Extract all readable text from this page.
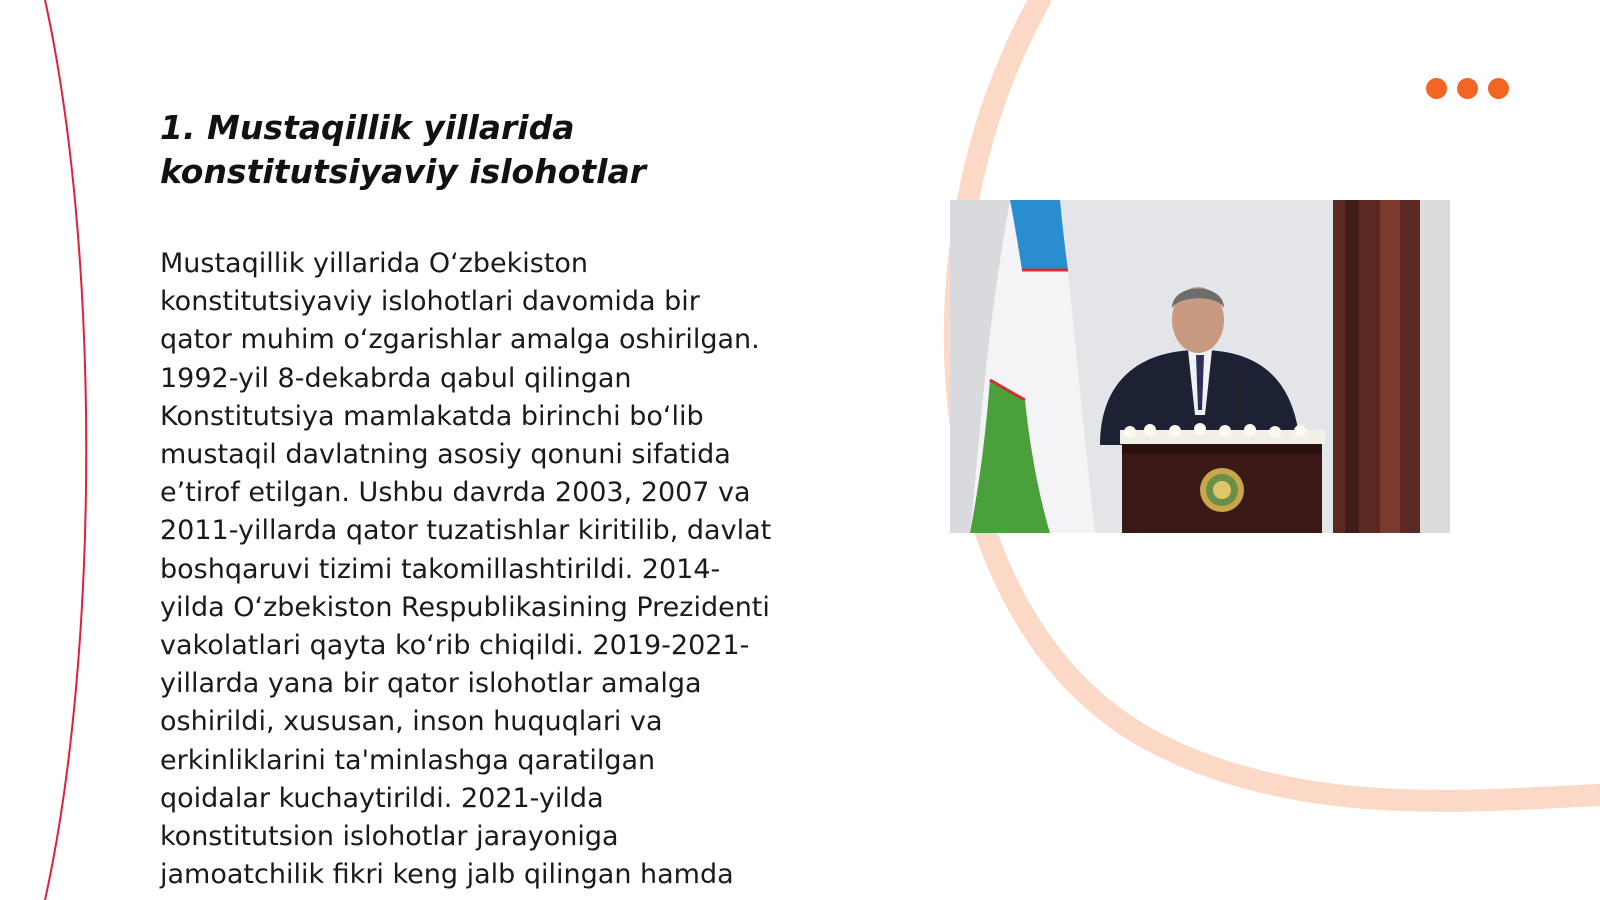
1. Mustaqillik yillarida
konstitutsiyaviy islohotlar

Mustaqillik yillarida O‘zbekiston
konstitutsiyaviy islohotlari davomida bir
qator muhim o‘zgarishlar amalga oshirilgan.
1992-yil 8-dekabrda qabul qilingan
Konstitutsiya mamlakatda birinchi bo‘lib
mustaqil davlatning asosiy qonuni sifatida
e’tirof etilgan. Ushbu davrda 2003, 2007 va
2011-yillarda qator tuzatishlar kiritilib, davlat
boshqaruvi tizimi takomillashtirildi. 2014-
yilda O‘zbekiston Respublikasining Prezidenti
vakolatlari qayta ko‘rib chiqildi. 2019-2021-
yillarda yana bir qator islohotlar amalga
oshirildi, xususan, inson huquqlari va
erkinliklarini ta'minlashga qaratilgan
qoidalar kuchaytirildi. 2021-yilda
konstitutsion islohotlar jarayoniga
jamoatchilik fikri keng jalb qilingan hamda
